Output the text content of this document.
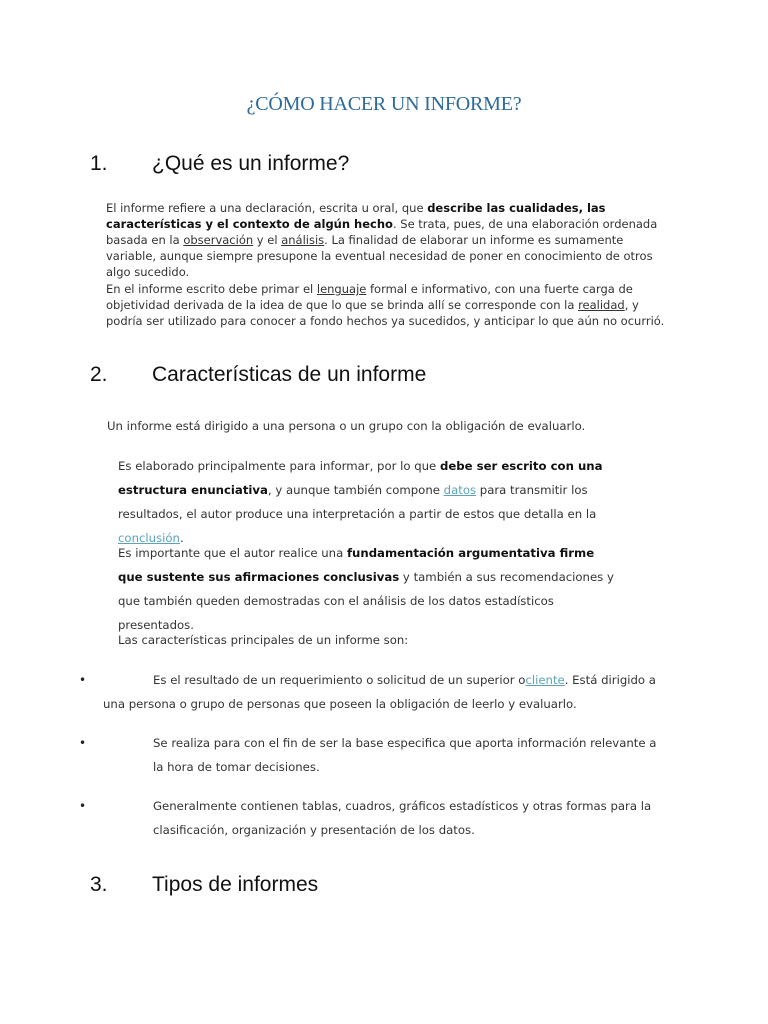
¿CÓMO HACER UN INFORME?
1. ¿Qué es un informe?
El informe refiere a una declaración, escrita u oral, que describe las cualidades, las características y el contexto de algún hecho. Se trata, pues, de una elaboración ordenada basada en la observación y el análisis. La finalidad de elaborar un informe es sumamente variable, aunque siempre presupone la eventual necesidad de poner en conocimiento de otros algo sucedido.
En el informe escrito debe primar el lenguaje formal e informativo, con una fuerte carga de objetividad derivada de la idea de que lo que se brinda allí se corresponde con la realidad, y podría ser utilizado para conocer a fondo hechos ya sucedidos, y anticipar lo que aún no ocurrió.
2. Características de un informe
Un informe está dirigido a una persona o un grupo con la obligación de evaluarlo.
Es elaborado principalmente para informar, por lo que debe ser escrito con una estructura enunciativa, y aunque también compone datos para transmitir los resultados, el autor produce una interpretación a partir de estos que detalla en la conclusión.
Es importante que el autor realice una fundamentación argumentativa firme que sustente sus afirmaciones conclusivas y también a sus recomendaciones y que también queden demostradas con el análisis de los datos estadísticos presentados.
Las características principales de un informe son:
•	Es el resultado de un requerimiento o solicitud de un superior ocliente. Está dirigido a una persona o grupo de personas que poseen la obligación de leerlo y evaluarlo.
•	Se realiza para con el fin de ser la base especifica que aporta información relevante a la hora de tomar decisiones.
•	Generalmente contienen tablas, cuadros, gráficos estadísticos y otras formas para la clasificación, organización y presentación de los datos.
3. Tipos de informes
